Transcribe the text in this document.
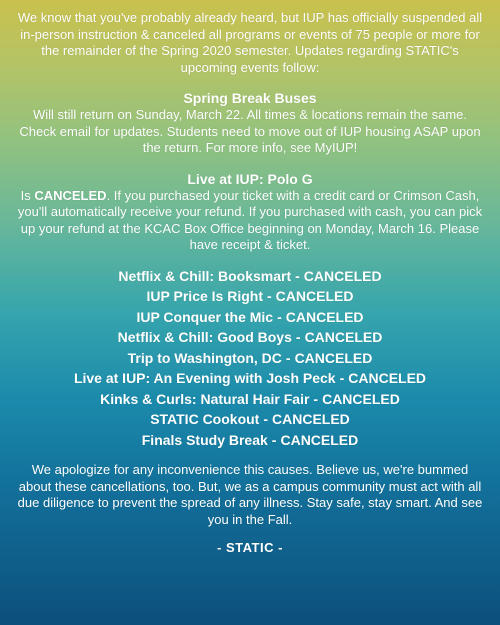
We know that you've probably already heard, but IUP has officially suspended all in-person instruction & canceled all programs or events of 75 people or more for the remainder of the Spring 2020 semester. Updates regarding STATIC's upcoming events follow:

Spring Break Buses

Will still return on Sunday, March 22. All times & locations remain the same. Check email for updates. Students need to move out of IUP housing ASAP upon the return. For more info, see MyIUP!

Live at IUP: Polo G

Is CANCELED. If you purchased your ticket with a credit card or Crimson Cash, you'll automatically receive your refund. If you purchased with cash, you can pick up your refund at the KCAC Box Office beginning on Monday, March 16. Please have receipt & ticket.

Netflix & Chill: Booksmart - CANCELED
IUP Price Is Right - CANCELED
IUP Conquer the Mic - CANCELED
Netflix & Chill: Good Boys - CANCELED
Trip to Washington, DC - CANCELED
Live at IUP: An Evening with Josh Peck - CANCELED
Kinks & Curls: Natural Hair Fair - CANCELED
STATIC Cookout - CANCELED
Finals Study Break - CANCELED

We apologize for any inconvenience this causes. Believe us, we're bummed about these cancellations, too. But, we as a campus community must act with all due diligence to prevent the spread of any illness. Stay safe, stay smart. And see you in the Fall.

- STATIC -
